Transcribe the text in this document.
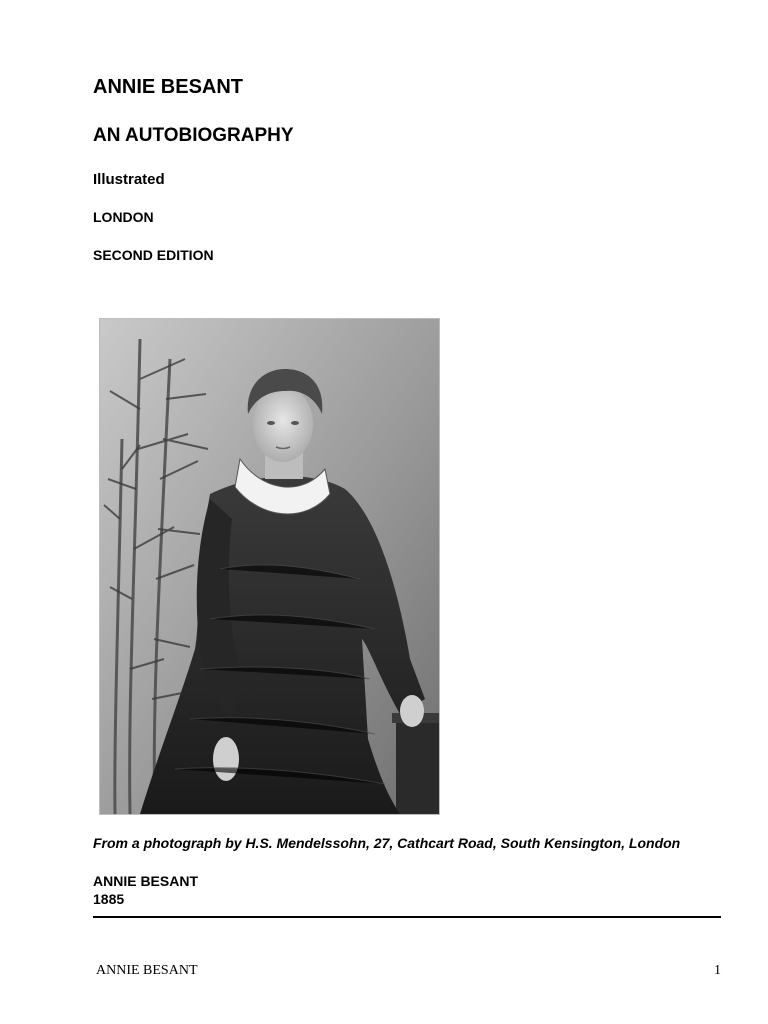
ANNIE BESANT
AN AUTOBIOGRAPHY
Illustrated
LONDON
SECOND EDITION
From a photograph by H.S. Mendelssohn, 27, Cathcart Road, South Kensington, London
ANNIE BESANT
1885
ANNIE BESANT	1
